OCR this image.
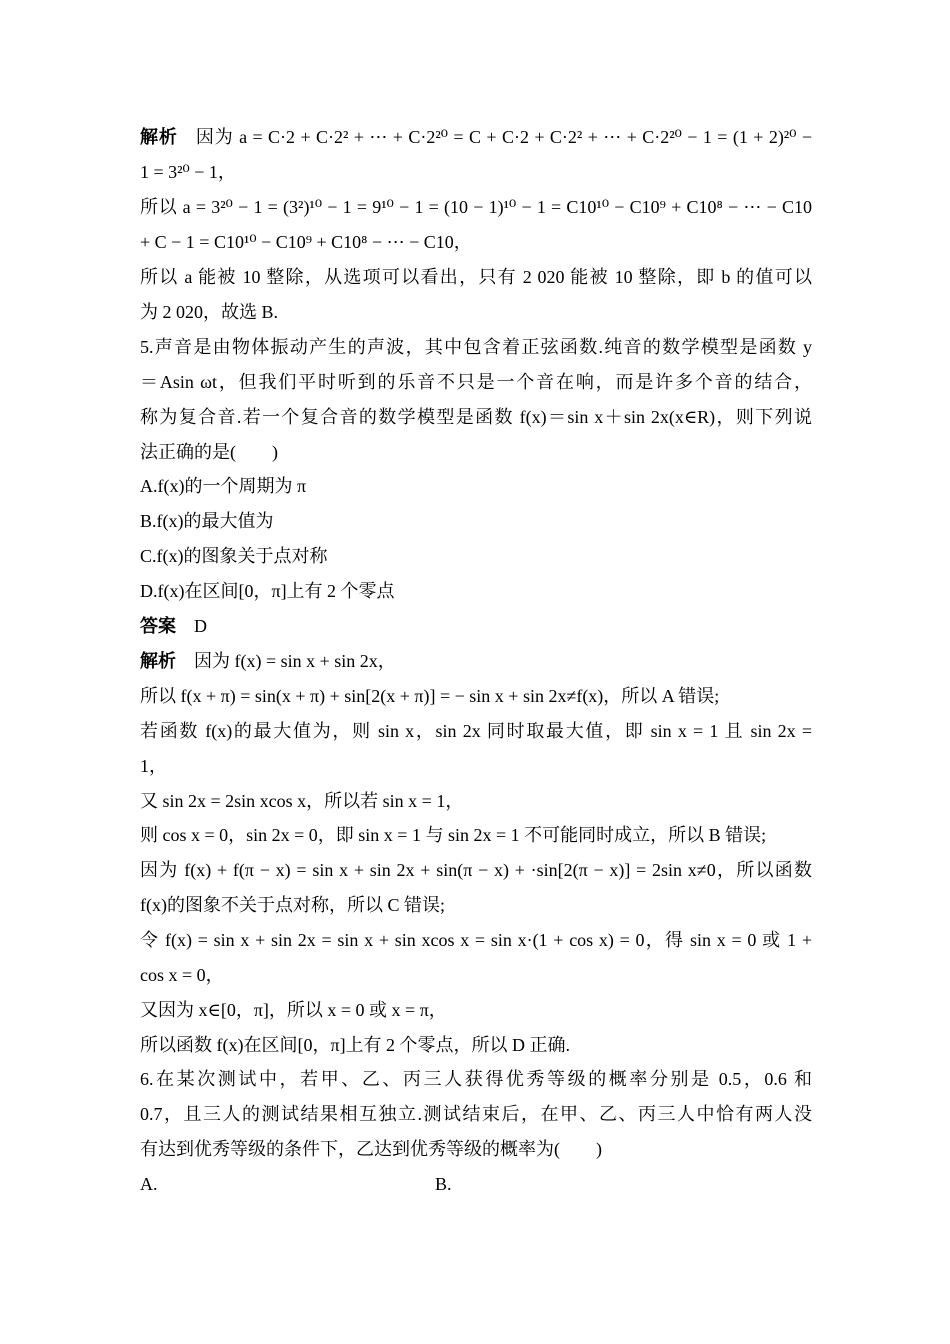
解析 因为 a = C·2 + C·2² + ⋯ + C·2²⁰ = C + C·2 + C·2² + ⋯ + C·2²⁰ − 1 = (1 + 2)²⁰ −
1 = 3²⁰ − 1，
所以 a = 3²⁰ − 1 = (3²)¹⁰ − 1 = 9¹⁰ − 1 = (10 − 1)¹⁰ − 1 = C10¹⁰ − C10⁹ + C10⁸ − ⋯ − C10
+ C − 1 = C10¹⁰ − C10⁹ + C10⁸ − ⋯ − C10，
所以 a 能被 10 整除，从选项可以看出，只有 2 020 能被 10 整除，即 b 的值可以
为 2 020，故选 B.
5.声音是由物体振动产生的声波，其中包含着正弦函数.纯音的数学模型是函数 y
＝Asin ωt，但我们平时听到的乐音不只是一个音在响，而是许多个音的结合，
称为复合音.若一个复合音的数学模型是函数 f(x)＝sin x＋sin 2x(x∈R)，则下列说
法正确的是(　　)
A.f(x)的一个周期为 π
B.f(x)的最大值为
C.f(x)的图象关于点对称
D.f(x)在区间[0，π]上有 2 个零点
答案 D
解析 因为 f(x) = sin x + sin 2x，
所以 f(x + π) = sin(x + π) + sin[2(x + π)] = − sin x + sin 2x≠f(x)，所以 A 错误;
若函数 f(x)的最大值为，则 sin x，sin 2x 同时取最大值，即 sin x = 1 且 sin 2x =
1，
又 sin 2x = 2sin xcos x，所以若 sin x = 1，
则 cos x = 0，sin 2x = 0，即 sin x = 1 与 sin 2x = 1 不可能同时成立，所以 B 错误;
因为 f(x) + f(π − x) = sin x + sin 2x + sin(π − x) + ·sin[2(π − x)] = 2sin x≠0，所以函数
f(x)的图象不关于点对称，所以 C 错误;
令 f(x) = sin x + sin 2x = sin x + sin xcos x = sin x·(1 + cos x) = 0，得 sin x = 0 或 1 +
cos x = 0，
又因为 x∈[0，π]，所以 x = 0 或 x = π，
所以函数 f(x)在区间[0，π]上有 2 个零点，所以 D 正确.
6.在某次测试中，若甲、乙、丙三人获得优秀等级的概率分别是 0.5，0.6 和
0.7，且三人的测试结果相互独立.测试结束后，在甲、乙、丙三人中恰有两人没
有达到优秀等级的条件下，乙达到优秀等级的概率为(　　)
A.	B.
